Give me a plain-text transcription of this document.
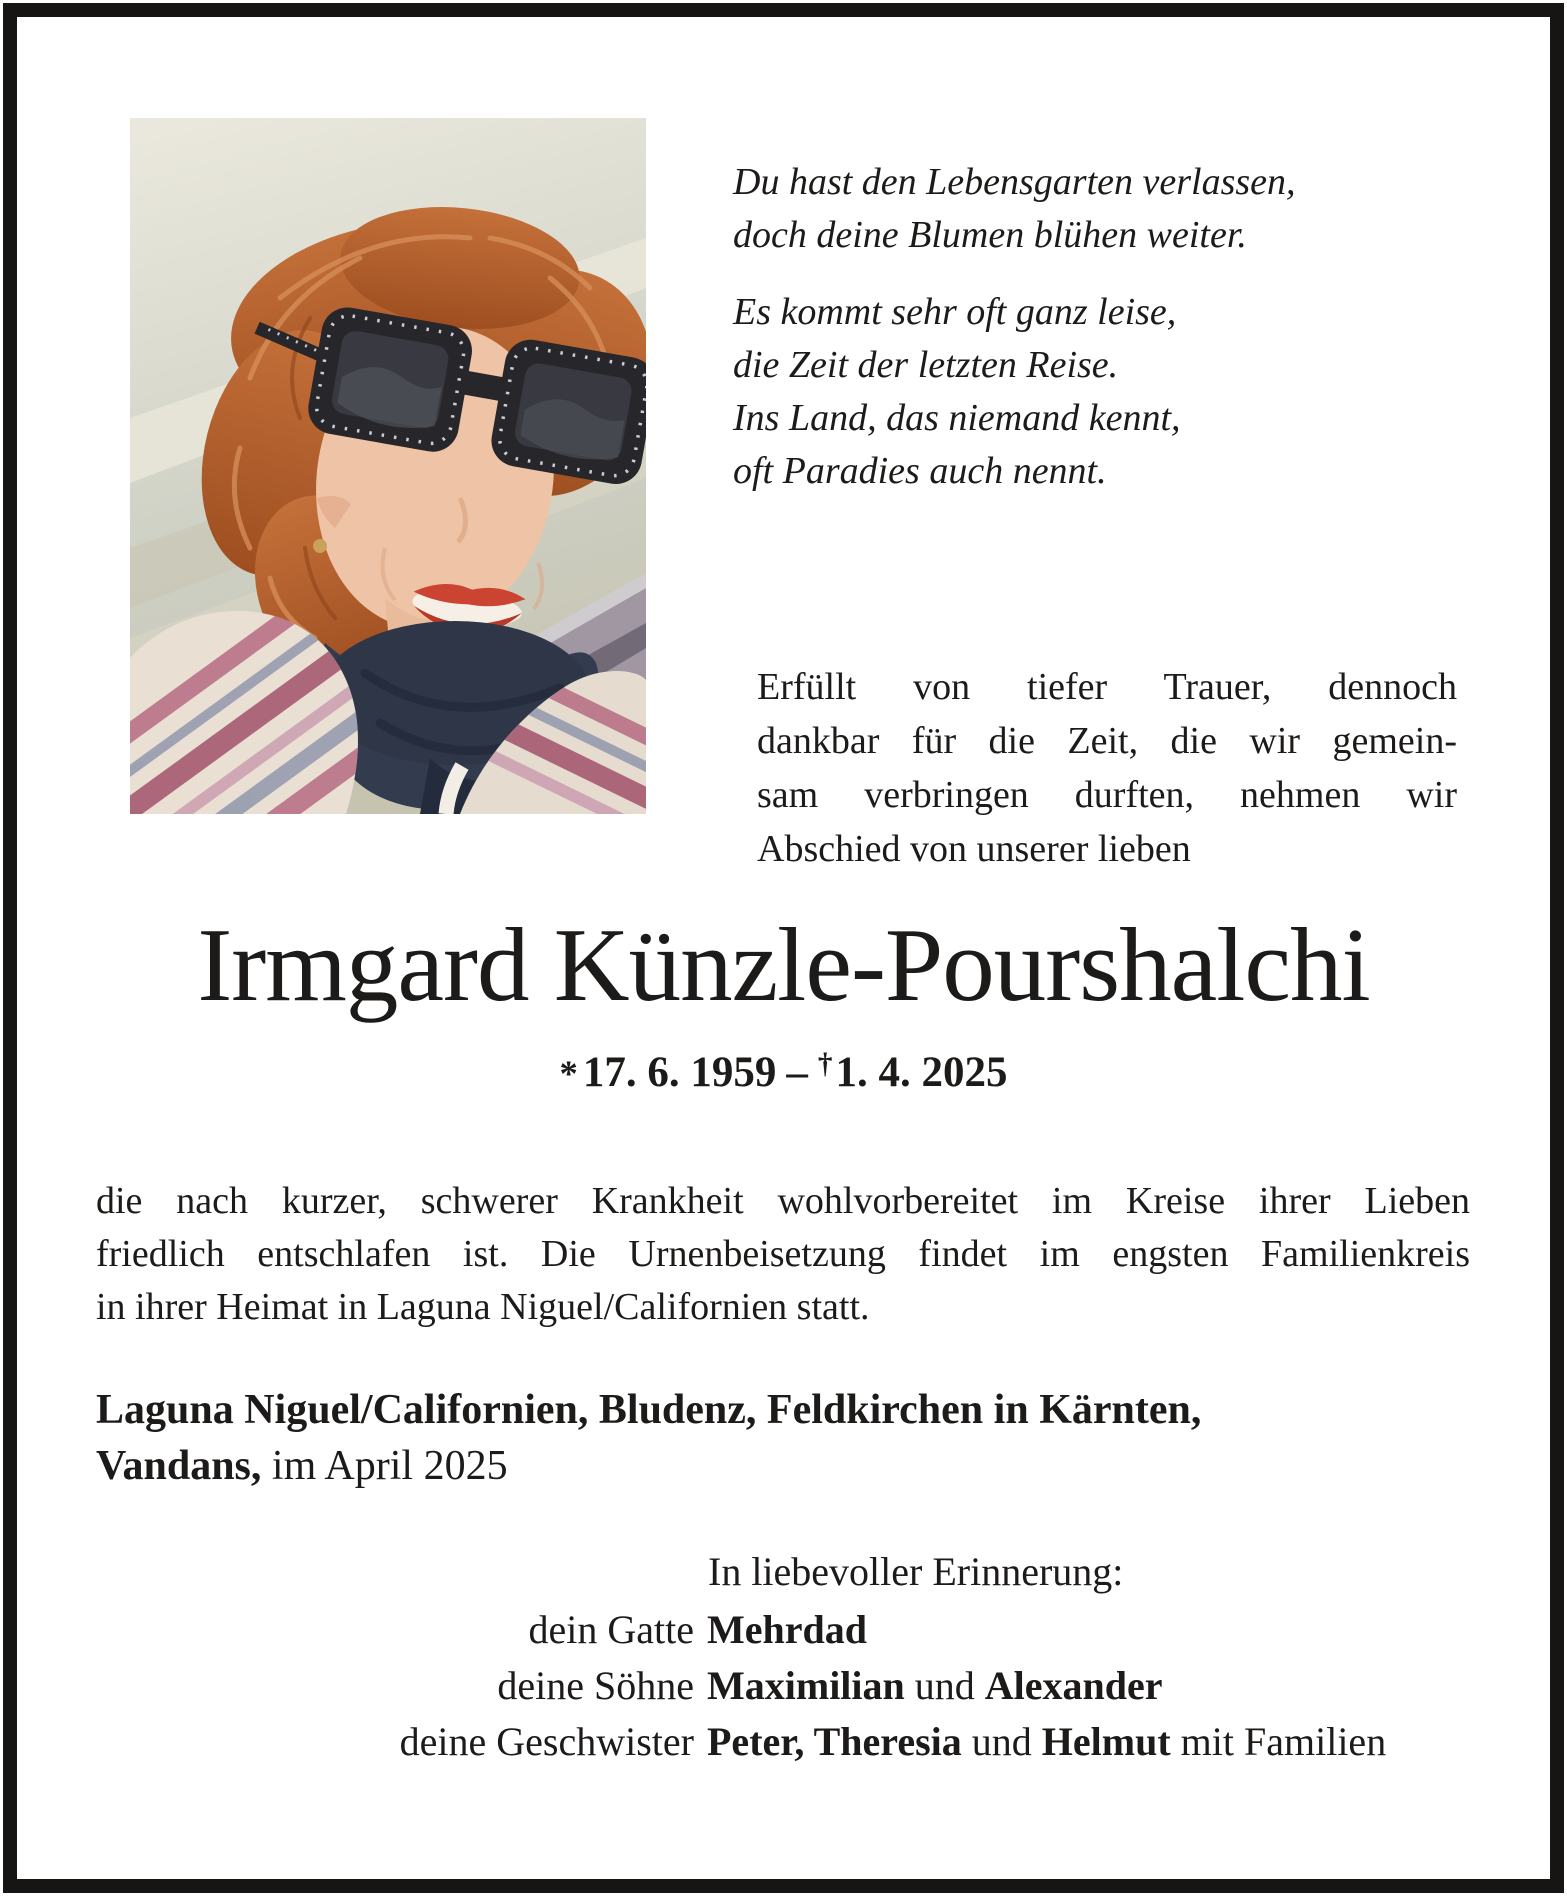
Du hast den Lebensgarten verlassen,
doch deine Blumen blühen weiter.
Es kommt sehr oft ganz leise,
die Zeit der letzten Reise.
Ins Land, das niemand kennt,
oft Paradies auch nennt.
Erfüllt von tiefer Trauer, dennoch
dankbar für die Zeit, die wir gemein-
sam verbringen durften, nehmen wir
Abschied von unserer lieben
Irmgard Künzle-Pourshalchi
* 17. 6. 1959 – †1. 4. 2025
die nach kurzer, schwerer Krankheit wohlvorbereitet im Kreise ihrer Lieben
friedlich entschlafen ist. Die Urnenbeisetzung findet im engsten Familienkreis
in ihrer Heimat in Laguna Niguel/Californien statt.
Laguna Niguel/Californien, Bludenz, Feldkirchen in Kärnten,
Vandans, im April 2025
In liebevoller Erinnerung:
dein Gatte Mehrdad
deine Söhne Maximilian und Alexander
deine Geschwister Peter, Theresia und Helmut mit Familien
